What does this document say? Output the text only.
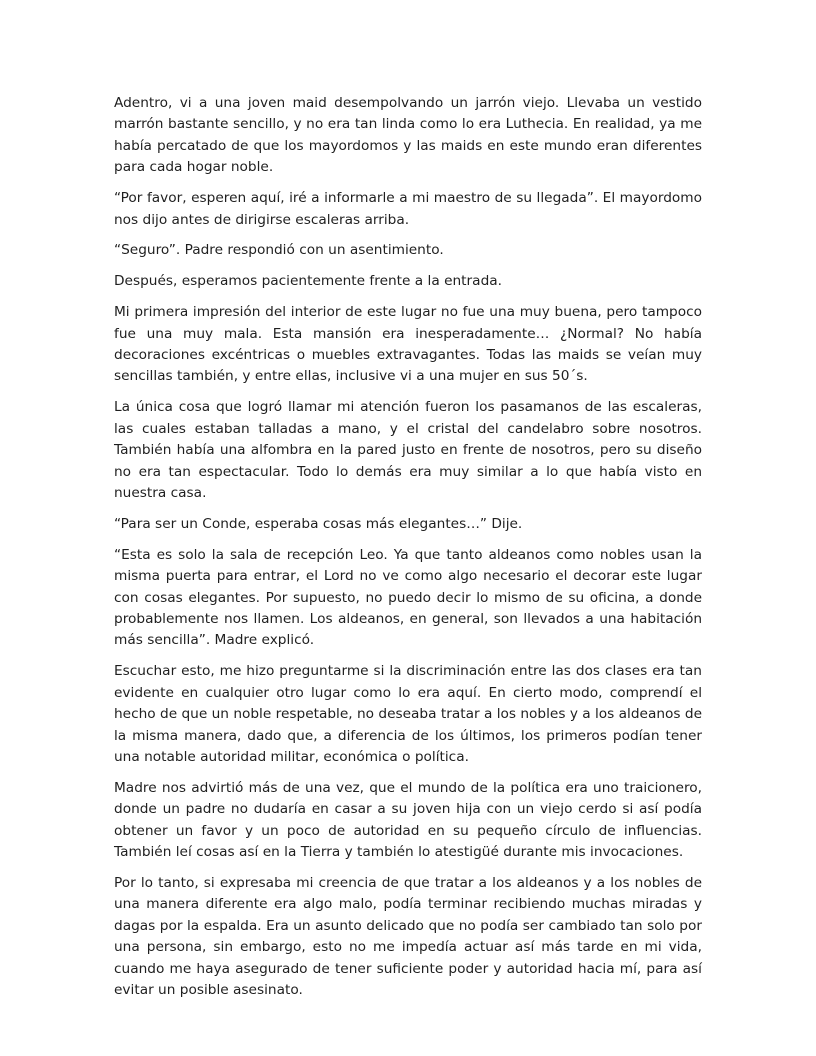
Adentro, vi a una joven maid desempolvando un jarrón viejo. Llevaba un vestido marrón bastante sencillo, y no era tan linda como lo era Luthecia. En realidad, ya me había percatado de que los mayordomos y las maids en este mundo eran diferentes para cada hogar noble.

“Por favor, esperen aquí, iré a informarle a mi maestro de su llegada”. El mayordomo nos dijo antes de dirigirse escaleras arriba.

“Seguro”. Padre respondió con un asentimiento.

Después, esperamos pacientemente frente a la entrada.

Mi primera impresión del interior de este lugar no fue una muy buena, pero tampoco fue una muy mala. Esta mansión era inesperadamente… ¿Normal? No había decoraciones excéntricas o muebles extravagantes. Todas las maids se veían muy sencillas también, y entre ellas, inclusive vi a una mujer en sus 50´s.

La única cosa que logró llamar mi atención fueron los pasamanos de las escaleras, las cuales estaban talladas a mano, y el cristal del candelabro sobre nosotros. También había una alfombra en la pared justo en frente de nosotros, pero su diseño no era tan espectacular. Todo lo demás era muy similar a lo que había visto en nuestra casa.

“Para ser un Conde, esperaba cosas más elegantes…” Dije.

“Esta es solo la sala de recepción Leo. Ya que tanto aldeanos como nobles usan la misma puerta para entrar, el Lord no ve como algo necesario el decorar este lugar con cosas elegantes. Por supuesto, no puedo decir lo mismo de su oficina, a donde probablemente nos llamen. Los aldeanos, en general, son llevados a una habitación más sencilla”. Madre explicó.

Escuchar esto, me hizo preguntarme si la discriminación entre las dos clases era tan evidente en cualquier otro lugar como lo era aquí. En cierto modo, comprendí el hecho de que un noble respetable, no deseaba tratar a los nobles y a los aldeanos de la misma manera, dado que, a diferencia de los últimos, los primeros podían tener una notable autoridad militar, económica o política.

Madre nos advirtió más de una vez, que el mundo de la política era uno traicionero, donde un padre no dudaría en casar a su joven hija con un viejo cerdo si así podía obtener un favor y un poco de autoridad en su pequeño círculo de influencias. También leí cosas así en la Tierra y también lo atestigüé durante mis invocaciones.

Por lo tanto, si expresaba mi creencia de que tratar a los aldeanos y a los nobles de una manera diferente era algo malo, podía terminar recibiendo muchas miradas y dagas por la espalda. Era un asunto delicado que no podía ser cambiado tan solo por una persona, sin embargo, esto no me impedía actuar así más tarde en mi vida, cuando me haya asegurado de tener suficiente poder y autoridad hacia mí, para así evitar un posible asesinato.
